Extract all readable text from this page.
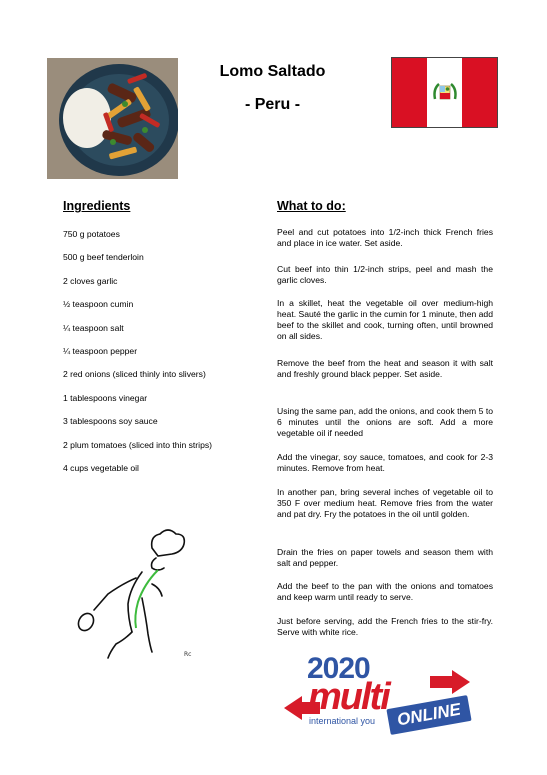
Lomo Saltado
- Peru -
Ingredients
750 g potatoes
500 g beef tenderloin
2 cloves garlic
½ teaspoon cumin
¼ teaspoon salt
¼ teaspoon pepper
2 red onions (sliced thinly into slivers)
1 tablespoons vinegar
3 tablespoons soy sauce
2 plum tomatoes (sliced into thin strips)
4 cups vegetable oil
What to do:
Peel and cut potatoes into 1/2-inch thick French fries and place in ice water. Set aside.
Cut beef into thin 1/2-inch strips, peel and mash the garlic cloves.
In a skillet, heat the vegetable oil over medium-high heat. Sauté the garlic in the cumin for 1 minute, then add beef to the skillet and cook, turning often, until browned on all sides.
Remove the beef from the heat and season it with salt and freshly ground black pepper. Set aside.
Using the same pan, add the onions, and cook them 5 to 6 minutes until the onions are soft. Add a more vegetable oil if needed
Add the vinegar, soy sauce, tomatoes, and cook for 2-3 minutes. Remove from heat.
In another pan, bring several inches of vegetable oil to 350 F over medium heat. Remove fries from the water and pat dry. Fry the potatoes in the oil until golden.
Drain the fries on paper towels and season them with salt and pepper.
Add the beef to the pan with the onions and tomatoes and keep warm until ready to serve.
Just before serving, add the French fries to the stir-fry. Serve with white rice.
Rc	2020
multi
international you	ONLINE
